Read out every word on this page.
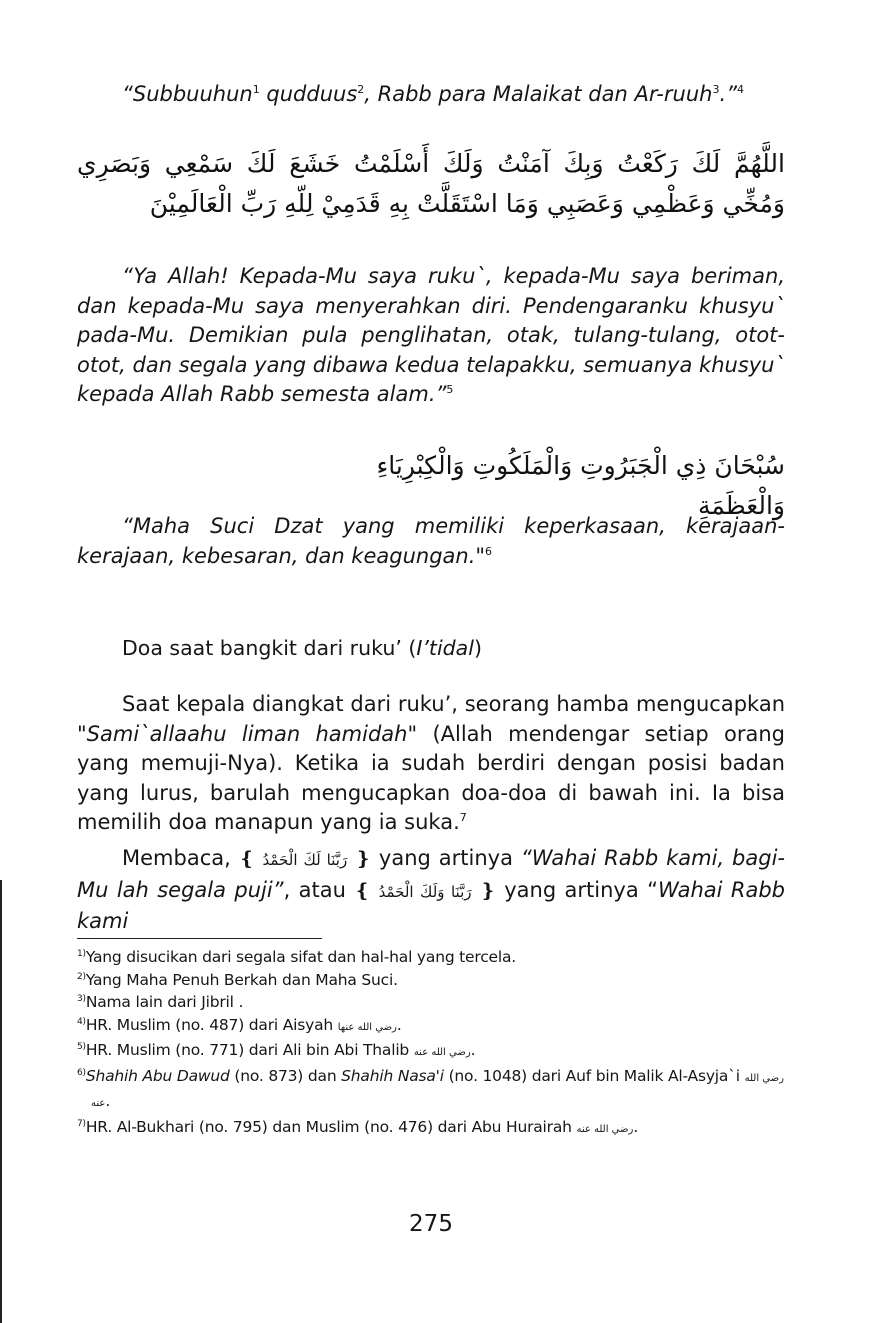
“Subbuuhun$^1$ qudduus$^2$, Rabb para Malaikat dan Ar-ruuh$^3$.”$^4$

اللَّهُمَّ لَكَ رَكَعْتُ وَبِكَ آمَنْتُ وَلَكَ أَسْلَمْتُ خَشَعَ لَكَ سَمْعِي وَبَصَرِي وَمُخِّي وَعَظْمِي وَعَصَبِي وَمَا اسْتَقَلَّتْ بِهِ قَدَمِيْ لِلّهِ رَبِّ الْعَالَمِيْنَ

“Ya Allah! Kepada-Mu saya ruku`, kepada-Mu saya beriman, dan kepada-Mu saya menyerahkan diri. Pendengaranku khusyu` pada-Mu. Demikian pula penglihatan, otak, tulang-tulang, otot-otot, dan segala yang dibawa kedua telapakku, semuanya khusyu` kepada Allah Rabb semesta alam.”$^5$

سُبْحَانَ ذِي الْجَبَرُوتِ وَالْمَلَكُوتِ وَالْكِبْرِيَاءِ وَالْعَظَمَةِ

“Maha Suci Dzat yang memiliki keperkasaan, kerajaan-kerajaan, kebesaran, dan keagungan."$^6$

Doa saat bangkit dari ruku’ (I’tidal)

Saat kepala diangkat dari ruku’, seorang hamba mengucapkan "Sami`allaahu liman hamidah" (Allah mendengar setiap orang yang memuji-Nya). Ketika ia sudah berdiri dengan posisi badan yang lurus, barulah mengucapkan doa-doa di bawah ini. Ia bisa memilih doa manapun yang ia suka.$^7$

Membaca, ❴ رَبَّنَا لَكَ الْحَمْدُ ❵ yang artinya “Wahai Rabb kami, bagi-Mu lah segala puji”, atau ❴ رَبَّنَا وَلَكَ الْحَمْدُ ❵ yang artinya “Wahai Rabb kami

$^{1)}$Yang disucikan dari segala sifat dan hal-hal yang tercela.

$^{2)}$Yang Maha Penuh Berkah dan Maha Suci.

$^{3)}$Nama lain dari Jibril .

$^{4)}$HR. Muslim (no. 487) dari Aisyah رضي الله عنها.

$^{5)}$HR. Muslim (no. 771) dari Ali bin Abi Thalib رضي الله عنه.

$^{6)}$Shahih Abu Dawud (no. 873) dan Shahih Nasa'i (no. 1048) dari Auf bin Malik Al-Asyja`i رضي الله عنه.

$^{7)}$HR. Al-Bukhari (no. 795) dan Muslim (no. 476) dari Abu Hurairah رضي الله عنه.

275
